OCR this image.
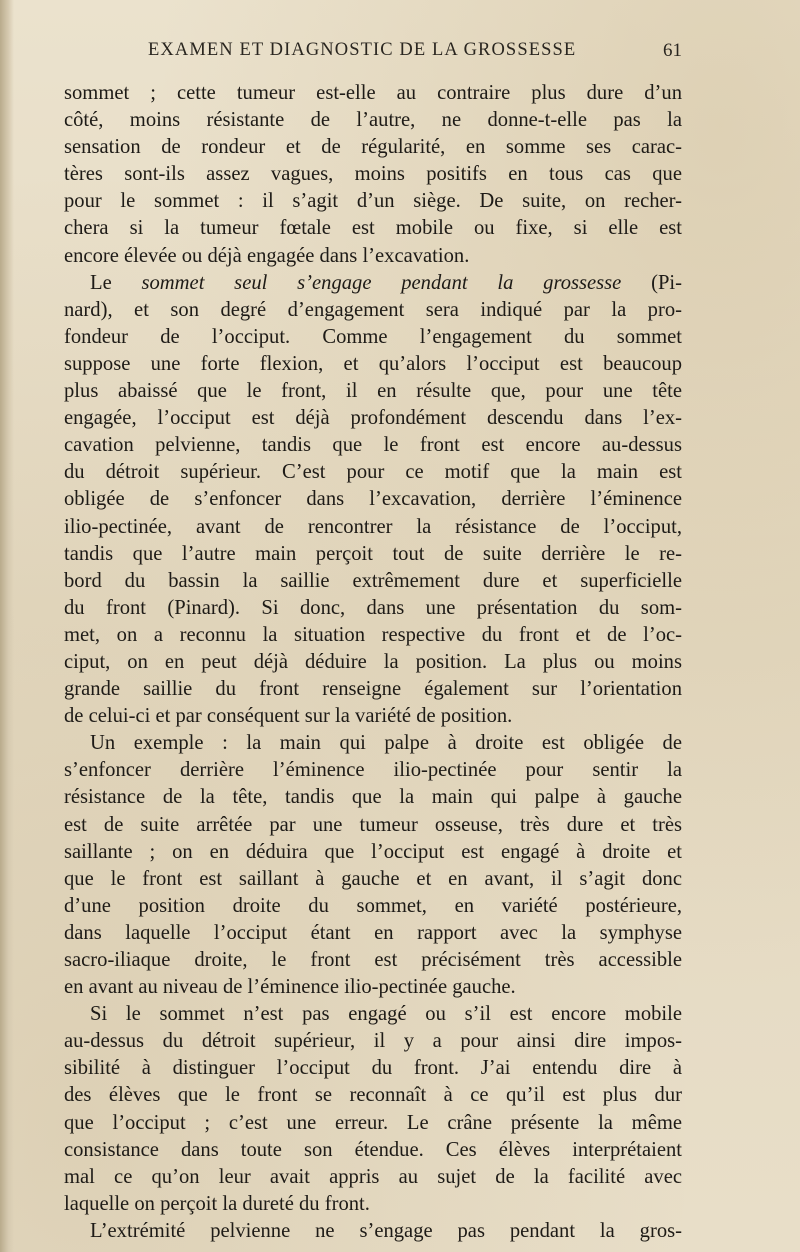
EXAMEN ET DIAGNOSTIC DE LA GROSSESSE	61
sommet ; cette tumeur est-elle au contraire plus dure d’un
côté, moins résistante de l’autre, ne donne-t-elle pas la
sensation de rondeur et de régularité, en somme ses carac-
tères sont-ils assez vagues, moins positifs en tous cas que
pour le sommet : il s’agit d’un siège. De suite, on recher-
chera si la tumeur fœtale est mobile ou fixe, si elle est
encore élevée ou déjà engagée dans l’excavation.
Le sommet seul s’engage pendant la grossesse (Pi-
nard), et son degré d’engagement sera indiqué par la pro-
fondeur de l’occiput. Comme l’engagement du sommet
suppose une forte flexion, et qu’alors l’occiput est beaucoup
plus abaissé que le front, il en résulte que, pour une tête
engagée, l’occiput est déjà profondément descendu dans l’ex-
cavation pelvienne, tandis que le front est encore au-dessus
du détroit supérieur. C’est pour ce motif que la main est
obligée de s’enfoncer dans l’excavation, derrière l’éminence
ilio-pectinée, avant de rencontrer la résistance de l’occiput,
tandis que l’autre main perçoit tout de suite derrière le re-
bord du bassin la saillie extrêmement dure et superficielle
du front (Pinard). Si donc, dans une présentation du som-
met, on a reconnu la situation respective du front et de l’oc-
ciput, on en peut déjà déduire la position. La plus ou moins
grande saillie du front renseigne également sur l’orientation
de celui-ci et par conséquent sur la variété de position.
Un exemple : la main qui palpe à droite est obligée de
s’enfoncer derrière l’éminence ilio-pectinée pour sentir la
résistance de la tête, tandis que la main qui palpe à gauche
est de suite arrêtée par une tumeur osseuse, très dure et très
saillante ; on en déduira que l’occiput est engagé à droite et
que le front est saillant à gauche et en avant, il s’agit donc
d’une position droite du sommet, en variété postérieure,
dans laquelle l’occiput étant en rapport avec la symphyse
sacro-iliaque droite, le front est précisément très accessible
en avant au niveau de l’éminence ilio-pectinée gauche.
Si le sommet n’est pas engagé ou s’il est encore mobile
au-dessus du détroit supérieur, il y a pour ainsi dire impos-
sibilité à distinguer l’occiput du front. J’ai entendu dire à
des élèves que le front se reconnaît à ce qu’il est plus dur
que l’occiput ; c’est une erreur. Le crâne présente la même
consistance dans toute son étendue. Ces élèves interprétaient
mal ce qu’on leur avait appris au sujet de la facilité avec
laquelle on perçoit la dureté du front.
L’extrémité pelvienne ne s’engage pas pendant la gros-
